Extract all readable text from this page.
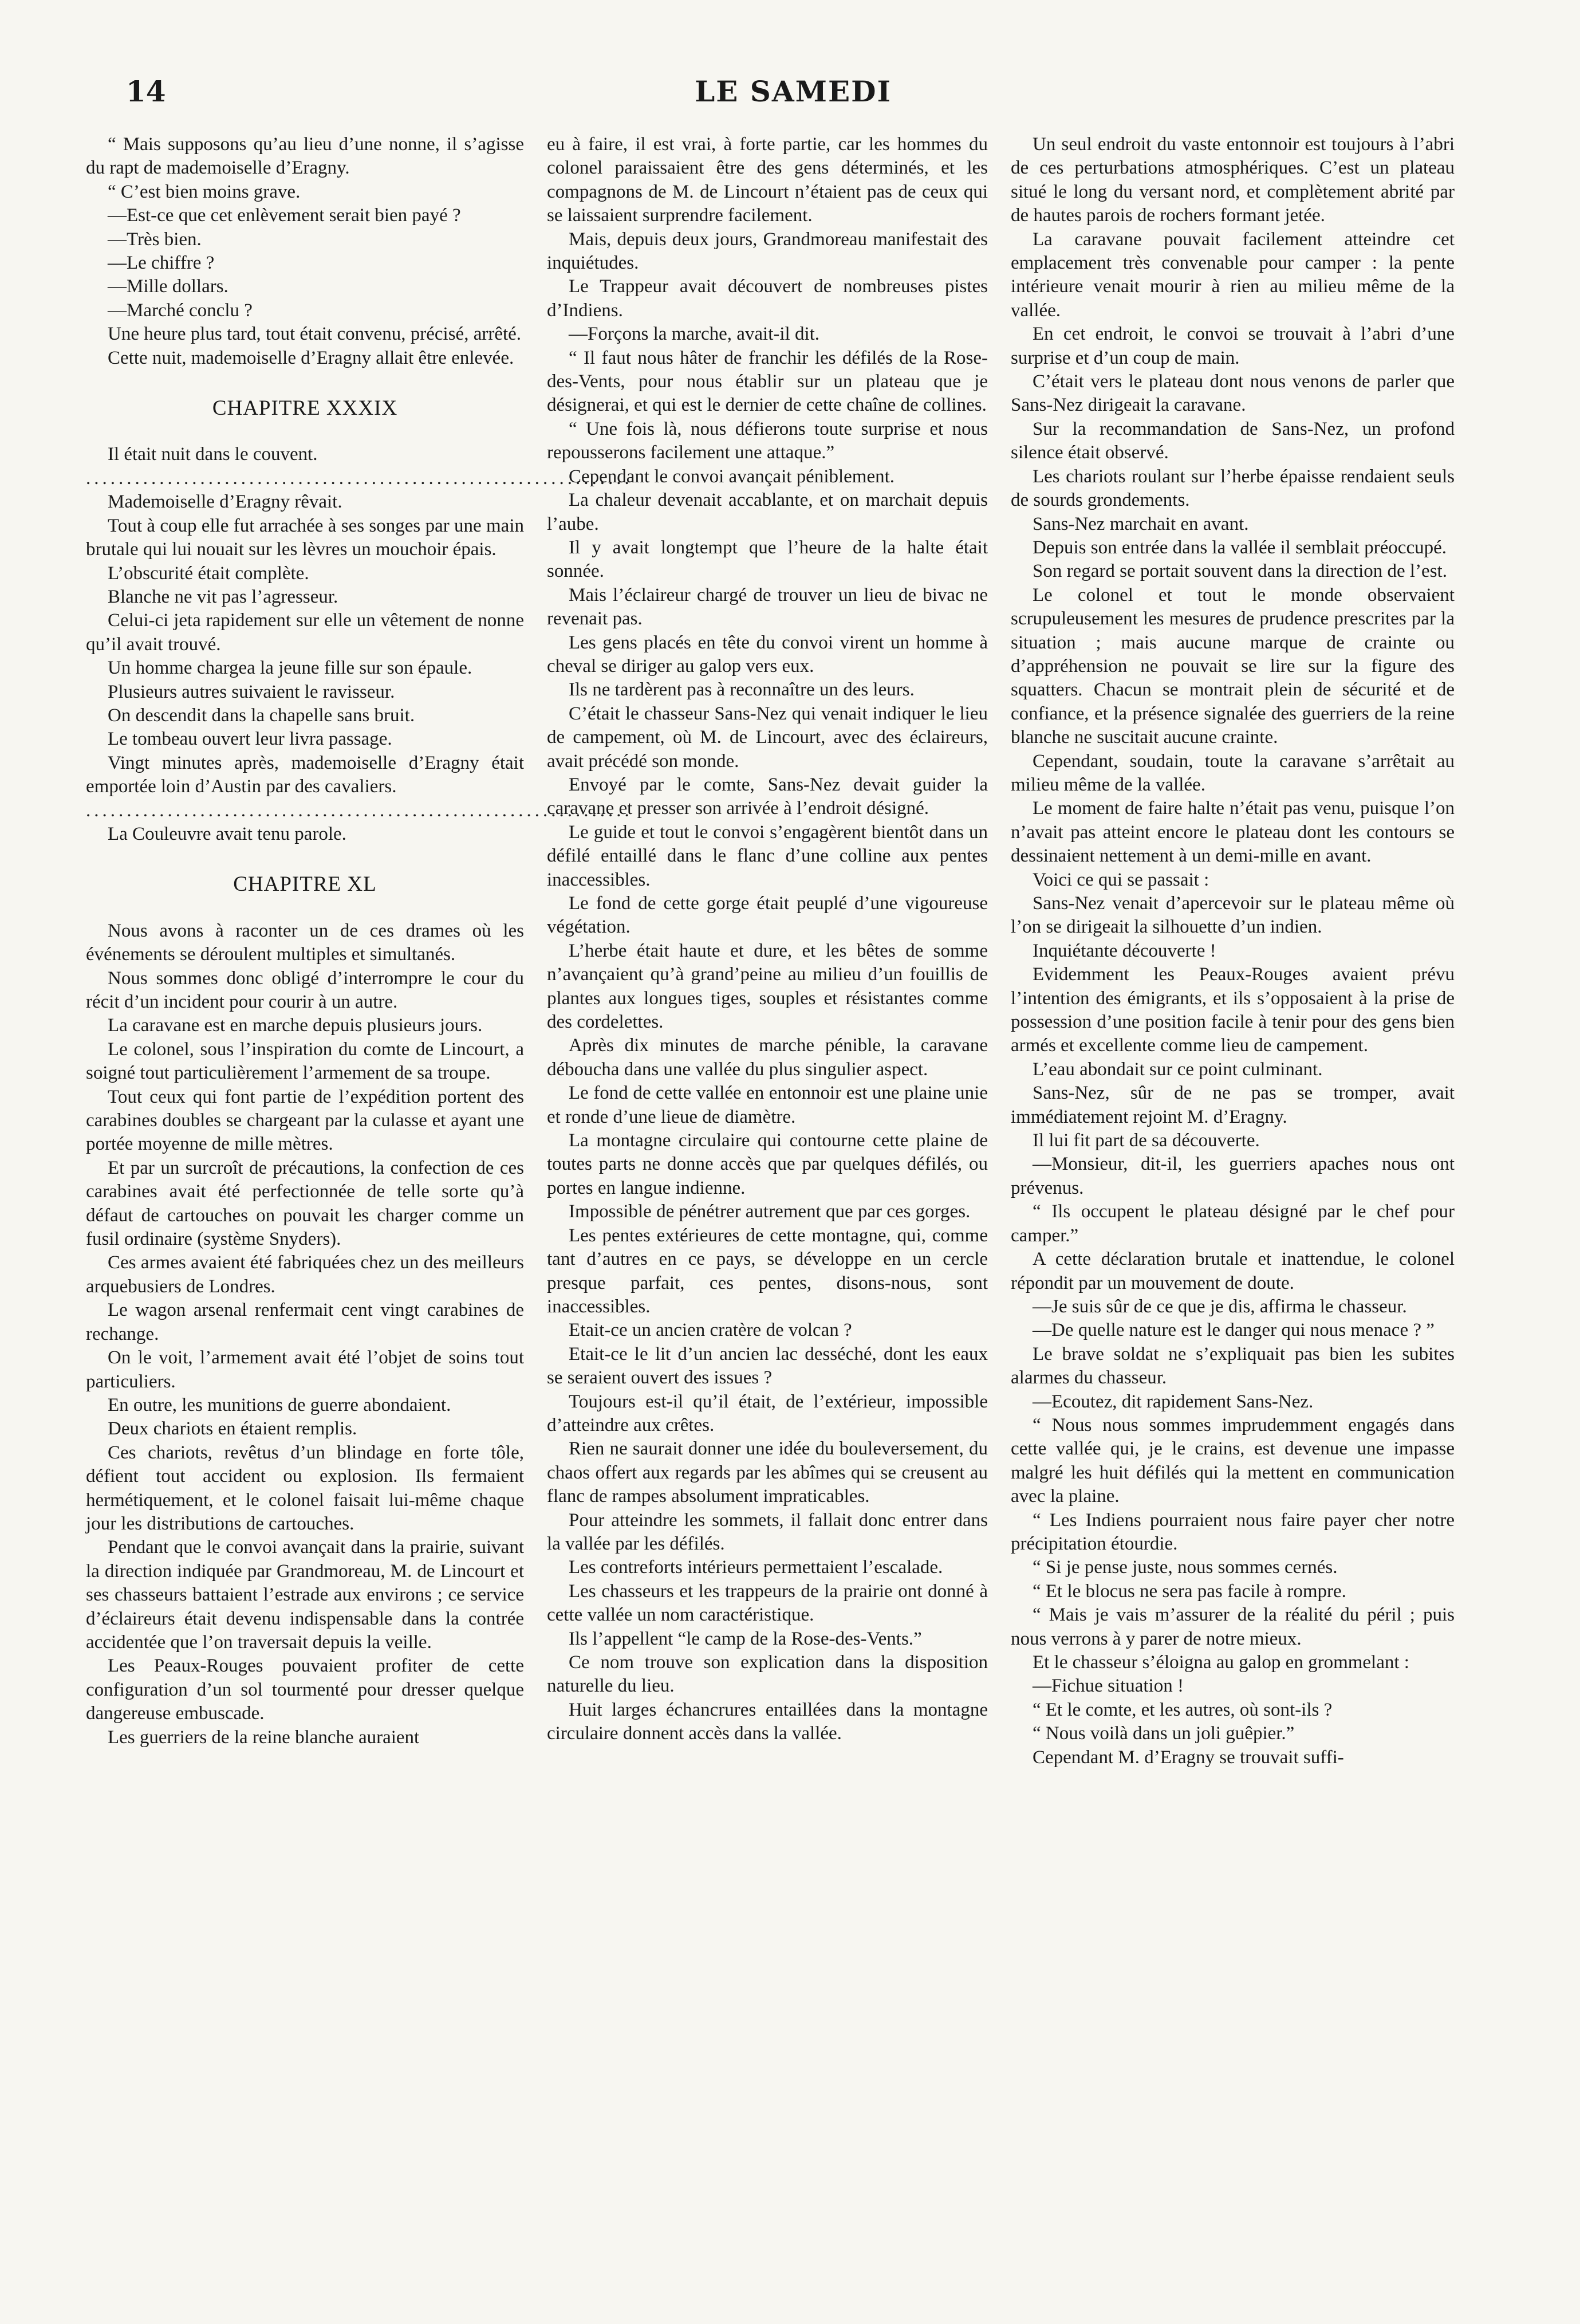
14	LE SAMEDI

“ Mais supposons qu’au lieu d’une nonne, il s’agisse du rapt de mademoiselle d’Eragny.

“ C’est bien moins grave.

—Est-ce que cet enlèvement serait bien payé ?

—Très bien.

—Le chiffre ?

—Mille dollars.

—Marché conclu ?

Une heure plus tard, tout était convenu, précisé, arrêté.

Cette nuit, mademoiselle d’Eragny allait être enlevée.

CHAPITRE XXXIX

Il était nuit dans le couvent.

...................................................................

Mademoiselle d’Eragny rêvait.

Tout à coup elle fut arrachée à ses songes par une main brutale qui lui nouait sur les lèvres un mouchoir épais.

L’obscurité était complète.

Blanche ne vit pas l’agresseur.

Celui-ci jeta rapidement sur elle un vêtement de nonne qu’il avait trouvé.

Un homme chargea la jeune fille sur son épaule.

Plusieurs autres suivaient le ravisseur.

On descendit dans la chapelle sans bruit.

Le tombeau ouvert leur livra passage.

Vingt minutes après, mademoiselle d’Eragny était emportée loin d’Austin par des cavaliers.

...................................................................

La Couleuvre avait tenu parole.

CHAPITRE XL

Nous avons à raconter un de ces drames où les événements se déroulent multiples et simultanés.

Nous sommes donc obligé d’interrompre le cour du récit d’un incident pour courir à un autre.

La caravane est en marche depuis plusieurs jours.

Le colonel, sous l’inspiration du comte de Lincourt, a soigné tout particulièrement l’armement de sa troupe.

Tout ceux qui font partie de l’expédition portent des carabines doubles se chargeant par la culasse et ayant une portée moyenne de mille mètres.

Et par un surcroît de précautions, la confection de ces carabines avait été perfectionnée de telle sorte qu’à défaut de cartouches on pouvait les charger comme un fusil ordinaire (système Snyders).

Ces armes avaient été fabriquées chez un des meilleurs arquebusiers de Londres.

Le wagon arsenal renfermait cent vingt carabines de rechange.

On le voit, l’armement avait été l’objet de soins tout particuliers.

En outre, les munitions de guerre abondaient.

Deux chariots en étaient remplis.

Ces chariots, revêtus d’un blindage en forte tôle, défient tout accident ou explosion. Ils fermaient hermétiquement, et le colonel faisait lui-même chaque jour les distributions de cartouches.

Pendant que le convoi avançait dans la prairie, suivant la direction indiquée par Grandmoreau, M. de Lincourt et ses chasseurs battaient l’estrade aux environs ; ce service d’éclaireurs était devenu indispensable dans la contrée accidentée que l’on traversait depuis la veille.

Les Peaux-Rouges pouvaient profiter de cette configuration d’un sol tourmenté pour dresser quelque dangereuse embuscade.

Les guerriers de la reine blanche auraient

eu à faire, il est vrai, à forte partie, car les hommes du colonel paraissaient être des gens déterminés, et les compagnons de M. de Lincourt n’étaient pas de ceux qui se laissaient surprendre facilement.

Mais, depuis deux jours, Grandmoreau manifestait des inquiétudes.

Le Trappeur avait découvert de nombreuses pistes d’Indiens.

—Forçons la marche, avait-il dit.

“ Il faut nous hâter de franchir les défilés de la Rose-des-Vents, pour nous établir sur un plateau que je désignerai, et qui est le dernier de cette chaîne de collines.

“ Une fois là, nous défierons toute surprise et nous repousserons facilement une attaque.”

Cependant le convoi avançait péniblement.

La chaleur devenait accablante, et on marchait depuis l’aube.

Il y avait longtempt que l’heure de la halte était sonnée.

Mais l’éclaireur chargé de trouver un lieu de bivac ne revenait pas.

Les gens placés en tête du convoi virent un homme à cheval se diriger au galop vers eux.

Ils ne tardèrent pas à reconnaître un des leurs.

C’était le chasseur Sans-Nez qui venait indiquer le lieu de campement, où M. de Lincourt, avec des éclaireurs, avait précédé son monde.

Envoyé par le comte, Sans-Nez devait guider la caravane et presser son arrivée à l’endroit désigné.

Le guide et tout le convoi s’engagèrent bientôt dans un défilé entaillé dans le flanc d’une colline aux pentes inaccessibles.

Le fond de cette gorge était peuplé d’une vigoureuse végétation.

L’herbe était haute et dure, et les bêtes de somme n’avançaient qu’à grand’peine au milieu d’un fouillis de plantes aux longues tiges, souples et résistantes comme des cordelettes.

Après dix minutes de marche pénible, la caravane déboucha dans une vallée du plus singulier aspect.

Le fond de cette vallée en entonnoir est une plaine unie et ronde d’une lieue de diamètre.

La montagne circulaire qui contourne cette plaine de toutes parts ne donne accès que par quelques défilés, ou portes en langue indienne.

Impossible de pénétrer autrement que par ces gorges.

Les pentes extérieures de cette montagne, qui, comme tant d’autres en ce pays, se développe en un cercle presque parfait, ces pentes, disons-nous, sont inaccessibles.

Etait-ce un ancien cratère de volcan ?

Etait-ce le lit d’un ancien lac desséché, dont les eaux se seraient ouvert des issues ?

Toujours est-il qu’il était, de l’extérieur, impossible d’atteindre aux crêtes.

Rien ne saurait donner une idée du bouleversement, du chaos offert aux regards par les abîmes qui se creusent au flanc de rampes absolument impraticables.

Pour atteindre les sommets, il fallait donc entrer dans la vallée par les défilés.

Les contreforts intérieurs permettaient l’escalade.

Les chasseurs et les trappeurs de la prairie ont donné à cette vallée un nom caractéristique.

Ils l’appellent “le camp de la Rose-des-Vents.”

Ce nom trouve son explication dans la disposition naturelle du lieu.

Huit larges échancrures entaillées dans la montagne circulaire donnent accès dans la vallée.

Un seul endroit du vaste entonnoir est toujours à l’abri de ces perturbations atmosphériques. C’est un plateau situé le long du versant nord, et complètement abrité par de hautes parois de rochers formant jetée.

La caravane pouvait facilement atteindre cet emplacement très convenable pour camper : la pente intérieure venait mourir à rien au milieu même de la vallée.

En cet endroit, le convoi se trouvait à l’abri d’une surprise et d’un coup de main.

C’était vers le plateau dont nous venons de parler que Sans-Nez dirigeait la caravane.

Sur la recommandation de Sans-Nez, un profond silence était observé.

Les chariots roulant sur l’herbe épaisse rendaient seuls de sourds grondements.

Sans-Nez marchait en avant.

Depuis son entrée dans la vallée il semblait préoccupé.

Son regard se portait souvent dans la direction de l’est.

Le colonel et tout le monde observaient scrupuleusement les mesures de prudence prescrites par la situation ; mais aucune marque de crainte ou d’appréhension ne pouvait se lire sur la figure des squatters. Chacun se montrait plein de sécurité et de confiance, et la présence signalée des guerriers de la reine blanche ne suscitait aucune crainte.

Cependant, soudain, toute la caravane s’arrêtait au milieu même de la vallée.

Le moment de faire halte n’était pas venu, puisque l’on n’avait pas atteint encore le plateau dont les contours se dessinaient nettement à un demi-mille en avant.

Voici ce qui se passait :

Sans-Nez venait d’apercevoir sur le plateau même où l’on se dirigeait la silhouette d’un indien.

Inquiétante découverte !

Evidemment les Peaux-Rouges avaient prévu l’intention des émigrants, et ils s’opposaient à la prise de possession d’une position facile à tenir pour des gens bien armés et excellente comme lieu de campement.

L’eau abondait sur ce point culminant.

Sans-Nez, sûr de ne pas se tromper, avait immédiatement rejoint M. d’Eragny.

Il lui fit part de sa découverte.

—Monsieur, dit-il, les guerriers apaches nous ont prévenus.

“ Ils occupent le plateau désigné par le chef pour camper.”

A cette déclaration brutale et inattendue, le colonel répondit par un mouvement de doute.

—Je suis sûr de ce que je dis, affirma le chasseur.

—De quelle nature est le danger qui nous menace ? ”

Le brave soldat ne s’expliquait pas bien les subites alarmes du chasseur.

—Ecoutez, dit rapidement Sans-Nez.

“ Nous nous sommes imprudemment engagés dans cette vallée qui, je le crains, est devenue une impasse malgré les huit défilés qui la mettent en communication avec la plaine.

“ Les Indiens pourraient nous faire payer cher notre précipitation étourdie.

“ Si je pense juste, nous sommes cernés.

“ Et le blocus ne sera pas facile à rompre.

“ Mais je vais m’assurer de la réalité du péril ; puis nous verrons à y parer de notre mieux.

Et le chasseur s’éloigna au galop en grommelant :

—Fichue situation !

“ Et le comte, et les autres, où sont-ils ?

“ Nous voilà dans un joli guêpier.”

Cependant M. d’Eragny se trouvait suffi-
